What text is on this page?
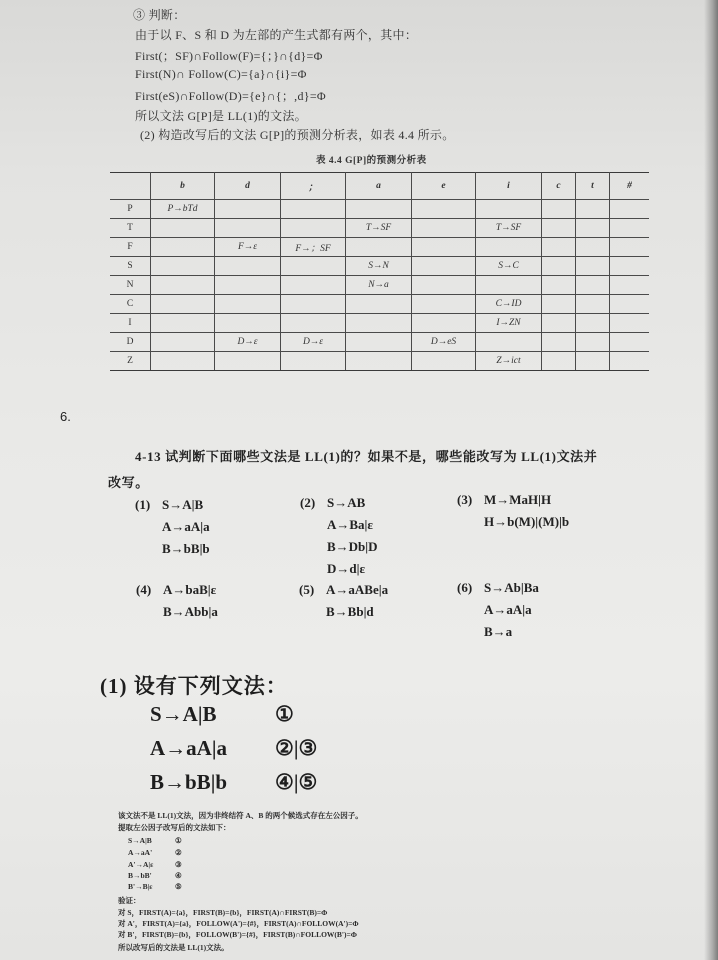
③ 判断：
由于以 F、S 和 D 为左部的产生式都有两个，其中：
First(；SF)∩Follow(F)={；}∩{d}=Φ
First(N)∩ Follow(C)={a}∩{i}=Φ
First(eS)∩Follow(D)={e}∩{；,d}=Φ
所以文法 G[P]是 LL(1)的文法。
(2) 构造改写后的文法 G[P]的预测分析表，如表 4.4 所示。
表 4.4 G[P]的预测分析表
	b	d	；	a	e	i	c	t	#
P	P→bTd								
T				T→SF		T→SF			
F		F→ε	F→；SF						
S				S→N		S→C			
N				N→a					
C						C→ID			
I						I→ZN			
D		D→ε	D→ε		D→eS				
Z						Z→ict			
6.
4-13 试判断下面哪些文法是 LL(1)的？如果不是，哪些能改写为 LL(1)文法并
改写。
(1) S→A|B
A→aA|a
B→bB|b
(2) S→AB
A→Ba|ε
B→Db|D
D→d|ε
(3) M→MaH|H
H→b(M)|(M)|b
(4) A→baB|ε
B→Abb|a
(5) A→aABe|a
B→Bb|d
(6) S→Ab|Ba
A→aA|a
B→a
(1) 设有下列文法：
S→A|B	①
A→aA|a ②|③
B→bB|b ④|⑤
该文法不是 LL(1)文法，因为非终结符 A、B 的两个候选式存在左公因子。
提取左公因子改写后的文法如下：
S→A|B	①
A→aA'	②
A'→A|ε	③
B→bB'	④
B'→B|ε	⑤
验证：
对 S，FIRST(A)={a}，FIRST(B)={b}，FIRST(A)∩FIRST(B)=Φ
对 A'，FIRST(A)={a}，FOLLOW(A')={#}，FIRST(A)∩FOLLOW(A')=Φ
对 B'，FIRST(B)={b}，FOLLOW(B')={#}，FIRST(B)∩FOLLOW(B')=Φ
所以改写后的文法是 LL(1)文法。
